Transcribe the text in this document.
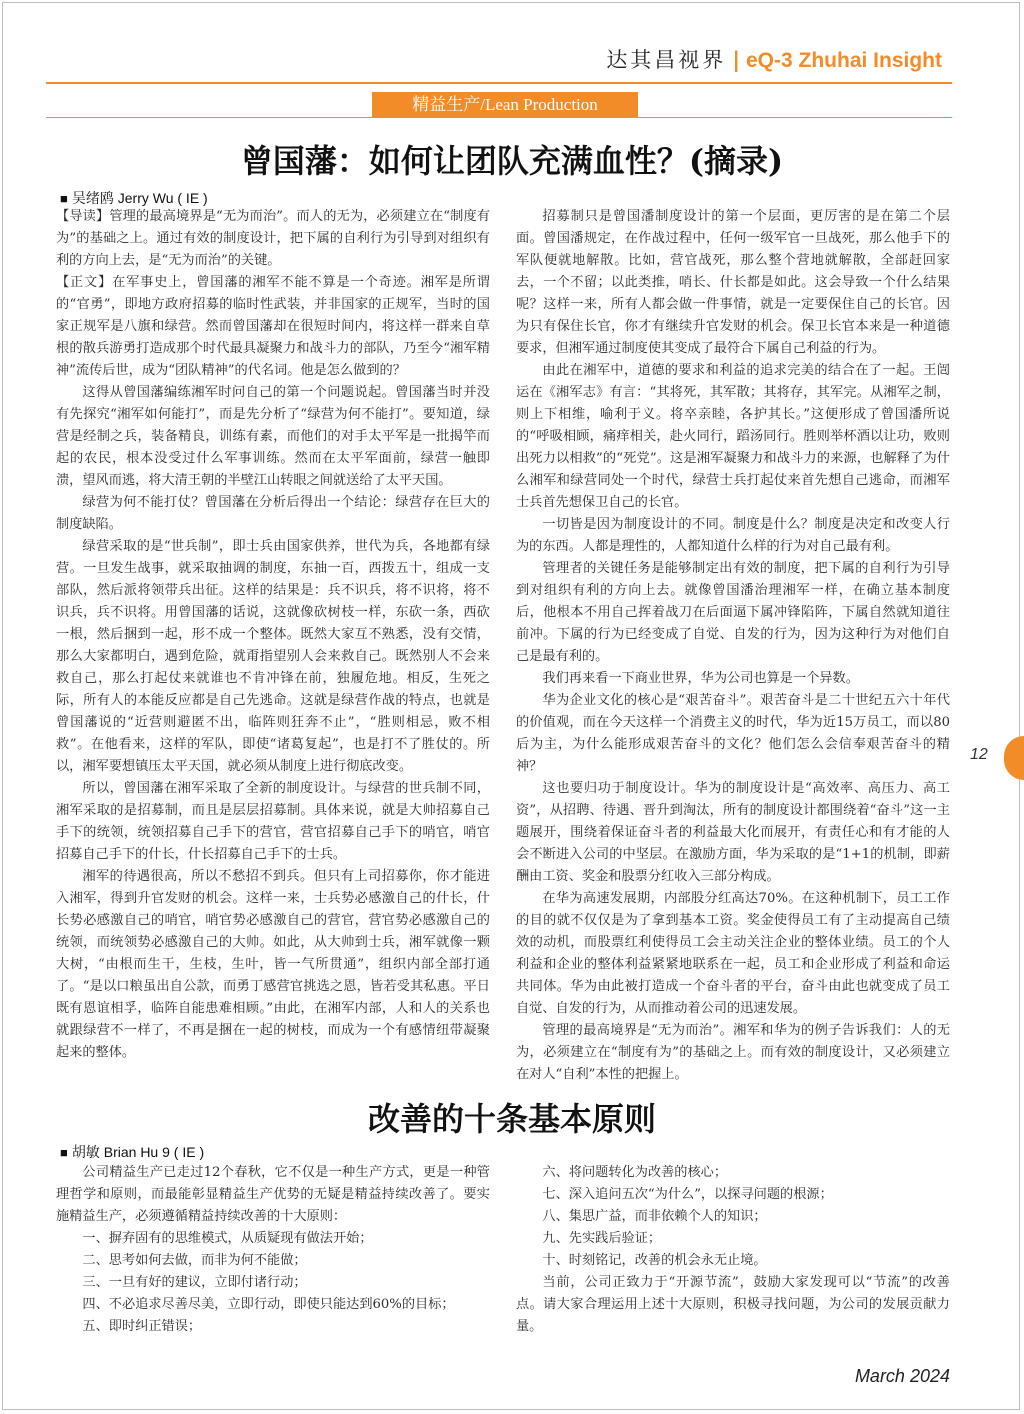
达其昌视界 | eQ-3 Zhuhai Insight
精益生产/Lean Production
曾国藩：如何让团队充满血性？(摘录)
■ 吴绪鸥 Jerry Wu ( IE )

【导读】管理的最高境界是“无为而治”。而人的无为，必须建立在“制度有为”的基础之上。通过有效的制度设计，把下属的自利行为引导到对组织有利的方向上去，是“无为而治”的关键。

【正文】在军事史上，曾国藩的湘军不能不算是一个奇迹。湘军是所谓的“官勇”，即地方政府招募的临时性武装，并非国家的正规军，当时的国家正规军是八旗和绿营。然而曾国藩却在很短时间内，将这样一群来自草根的散兵游勇打造成那个时代最具凝聚力和战斗力的部队，乃至今“湘军精神”流传后世，成为“团队精神”的代名词。他是怎么做到的？

这得从曾国藩编练湘军时问自己的第一个问题说起。曾国藩当时并没有先探究“湘军如何能打”，而是先分析了“绿营为何不能打”。要知道，绿营是经制之兵，装备精良，训练有素，而他们的对手太平军是一批揭竿而起的农民，根本没受过什么军事训练。然而在太平军面前，绿营一触即溃，望风而逃，将大清王朝的半壁江山转眼之间就送给了太平天国。

绿营为何不能打仗？曾国藩在分析后得出一个结论：绿营存在巨大的制度缺陷。

绿营采取的是“世兵制”，即士兵由国家供养，世代为兵，各地都有绿营。一旦发生战事，就采取抽调的制度，东抽一百，西拨五十，组成一支部队，然后派将领带兵出征。这样的结果是：兵不识兵，将不识将，将不识兵，兵不识将。用曾国藩的话说，这就像砍树枝一样，东砍一条，西砍一根，然后捆到一起，形不成一个整体。既然大家互不熟悉，没有交情，那么大家都明白，遇到危险，就甭指望别人会来救自己。既然别人不会来救自己，那么打起仗来就谁也不肯冲锋在前，独履危地。相反，生死之际，所有人的本能反应都是自己先逃命。这就是绿营作战的特点，也就是曾国藩说的“近营则避匿不出，临阵则狂奔不止”，“胜则相忌，败不相救”。在他看来，这样的军队，即使“诸葛复起”，也是打不了胜仗的。所以，湘军要想镇压太平天国，就必须从制度上进行彻底改变。

所以，曾国藩在湘军采取了全新的制度设计。与绿营的世兵制不同，湘军采取的是招募制，而且是层层招募制。具体来说，就是大帅招募自己手下的统领，统领招募自己手下的营官，营官招募自己手下的哨官，哨官招募自己手下的什长，什长招募自己手下的士兵。

湘军的待遇很高，所以不愁招不到兵。但只有上司招募你，你才能进入湘军，得到升官发财的机会。这样一来，士兵势必感激自己的什长，什长势必感激自己的哨官，哨官势必感激自己的营官，营官势必感激自己的统领，而统领势必感激自己的大帅。如此，从大帅到士兵，湘军就像一颗大树，“由根而生干，生枝，生叶，皆一气所贯通”，组织内部全部打通了。“是以口粮虽出自公款，而勇丁感营官挑选之恩，皆若受其私惠。平日既有恩谊相孚，临阵自能患难相顾。”由此，在湘军内部，人和人的关系也就跟绿营不一样了，不再是捆在一起的树枝，而成为一个有感情纽带凝聚起来的整体。

招募制只是曾国潘制度设计的第一个层面，更厉害的是在第二个层面。曾国潘规定，在作战过程中，任何一级军官一旦战死，那么他手下的军队便就地解散。比如，营官战死，那么整个营地就解散，全部赶回家去，一个不留；以此类推，哨长、什长都是如此。这会导致一个什么结果呢？这样一来，所有人都会做一件事情，就是一定要保住自己的长官。因为只有保住长官，你才有继续升官发财的机会。保卫长官本来是一种道德要求，但湘军通过制度使其变成了最符合下属自己利益的行为。

由此在湘军中，道德的要求和利益的追求完美的结合在了一起。王闿运在《湘军志》有言：“其将死，其军散；其将存，其军完。从湘军之制，则上下相维，喻利于义。将卒亲睦，各护其长。”这便形成了曾国潘所说的“呼吸相顾，痛痒相关，赴火同行，蹈汤同行。胜则举杯酒以让功，败则出死力以相救”的“死党”。这是湘军凝聚力和战斗力的来源，也解释了为什么湘军和绿营同处一个时代，绿营士兵打起仗来首先想自己逃命，而湘军士兵首先想保卫自己的长官。

一切皆是因为制度设计的不同。制度是什么？制度是决定和改变人行为的东西。人都是理性的，人都知道什么样的行为对自己最有利。

管理者的关键任务是能够制定出有效的制度，把下属的自利行为引导到对组织有利的方向上去。就像曾国潘治理湘军一样，在确立基本制度后，他根本不用自己挥着战刀在后面逼下属冲锋陷阵，下属自然就知道往前冲。下属的行为已经变成了自觉、自发的行为，因为这种行为对他们自己是最有利的。

我们再来看一下商业世界，华为公司也算是一个异数。

华为企业文化的核心是“艰苦奋斗”。艰苦奋斗是二十世纪五六十年代的价值观，而在今天这样一个消费主义的时代，华为近15万员工，而以80后为主，为什么能形成艰苦奋斗的文化？他们怎么会信奉艰苦奋斗的精神？

这也要归功于制度设计。华为的制度设计是“高效率、高压力、高工资”，从招聘、待遇、晋升到淘汰，所有的制度设计都围绕着“奋斗”这一主题展开，围绕着保证奋斗者的利益最大化而展开，有责任心和有才能的人会不断进入公司的中坚层。在激励方面，华为采取的是“1+1的机制，即薪酬由工资、奖金和股票分红收入三部分构成。

在华为高速发展期，内部股分红高达70%。在这种机制下，员工工作的目的就不仅仅是为了拿到基本工资。奖金使得员工有了主动提高自己绩效的动机，而股票红利使得员工会主动关注企业的整体业绩。员工的个人利益和企业的整体利益紧紧地联系在一起，员工和企业形成了利益和命运共同体。华为由此被打造成一个奋斗者的平台，奋斗由此也就变成了员工自觉、自发的行为，从而推动着公司的迅速发展。

管理的最高境界是“无为而治”。湘军和华为的例子告诉我们：人的无为，必须建立在“制度有为”的基础之上。而有效的制度设计，又必须建立在对人“自利”本性的把握上。

改善的十条基本原则
■ 胡敏 Brian Hu 9 ( IE )

公司精益生产已走过12个春秋，它不仅是一种生产方式，更是一种管理哲学和原则，而最能彰显精益生产优势的无疑是精益持续改善了。要实施精益生产，必须遵循精益持续改善的十大原则：

一、摒弃固有的思维模式，从质疑现有做法开始；

二、思考如何去做，而非为何不能做；

三、一旦有好的建议，立即付诸行动；

四、不必追求尽善尽美，立即行动，即使只能达到60%的目标；

五、即时纠正错误；

六、将问题转化为改善的核心；

七、深入追问五次“为什么”，以探寻问题的根源；

八、集思广益，而非依赖个人的知识；

九、先实践后验证；

十、时刻铭记，改善的机会永无止境。

当前，公司正致力于“开源节流”，鼓励大家发现可以“节流”的改善点。请大家合理运用上述十大原则，积极寻找问题，为公司的发展贡献力量。

12
March 2024
